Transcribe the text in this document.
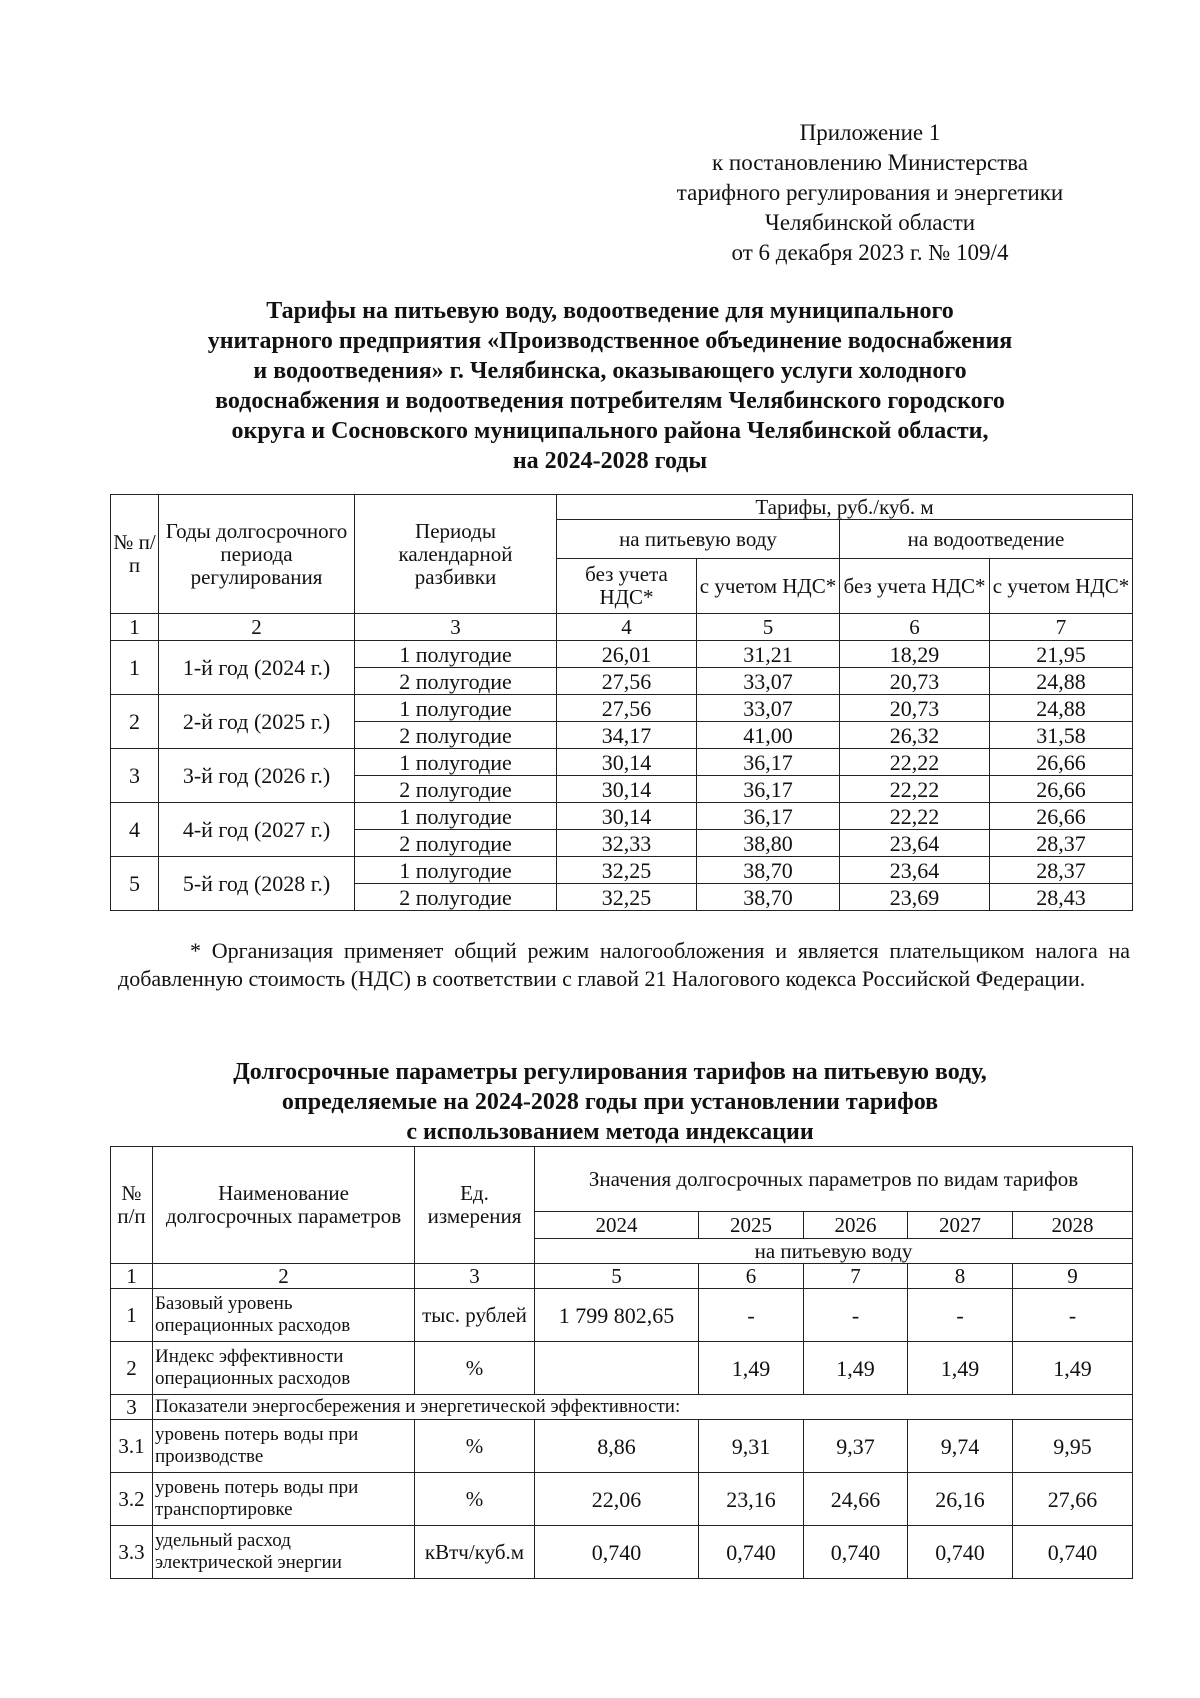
Приложение 1
к постановлению Министерства
тарифного регулирования и энергетики
Челябинской области
от 6 декабря 2023 г. № 109/4
Тарифы на питьевую воду, водоотведение для муниципального
унитарного предприятия «Производственное объединение водоснабжения
и водоотведения» г. Челябинска, оказывающего услуги холодного
водоснабжения и водоотведения потребителям Челябинского городского
округа и Сосновского муниципального района Челябинской области,
на 2024-2028 годы
№ п/п	Годы долгосрочного периода регулирования	Периоды календарной разбивки	Тарифы, руб./куб. м			
			на питьевую воду		на водоотведение	
			без учета НДС*	с учетом НДС*	без учета НДС*	с учетом НДС*
1	2	3	4	5	6	7
1	1-й год (2024 г.)	1 полугодие	26,01	31,21	18,29	21,95
		2 полугодие	27,56	33,07	20,73	24,88
2	2-й год (2025 г.)	1 полугодие	27,56	33,07	20,73	24,88
		2 полугодие	34,17	41,00	26,32	31,58
3	3-й год (2026 г.)	1 полугодие	30,14	36,17	22,22	26,66
		2 полугодие	30,14	36,17	22,22	26,66
4	4-й год (2027 г.)	1 полугодие	30,14	36,17	22,22	26,66
		2 полугодие	32,33	38,80	23,64	28,37
5	5-й год (2028 г.)	1 полугодие	32,25	38,70	23,64	28,37
		2 полугодие	32,25	38,70	23,69	28,43
* Организация применяет общий режим налогообложения и является плательщиком налога на добавленную стоимость (НДС) в соответствии с главой 21 Налогового кодекса Российской Федерации.
Долгосрочные параметры регулирования тарифов на питьевую воду,
определяемые на 2024-2028 годы при установлении тарифов
с использованием метода индексации
№ п/п	Наименование долгосрочных параметров	Ед. измерения	Значения долгосрочных параметров по видам тарифов				
			2024	2025	2026	2027	2028
			на питьевую воду				
1	2	3	5	6	7	8	9
1	Базовый уровень операционных расходов	тыс. рублей	1 799 802,65	-	-	-	-
2	Индекс эффективности операционных расходов	%		1,49	1,49	1,49	1,49
3	Показатели энергосбережения и энергетической эффективности:						
3.1	уровень потерь воды при производстве	%	8,86	9,31	9,37	9,74	9,95
3.2	уровень потерь воды при транспортировке	%	22,06	23,16	24,66	26,16	27,66
3.3	удельный расход электрической энергии	кВтч/куб.м	0,740	0,740	0,740	0,740	0,740
